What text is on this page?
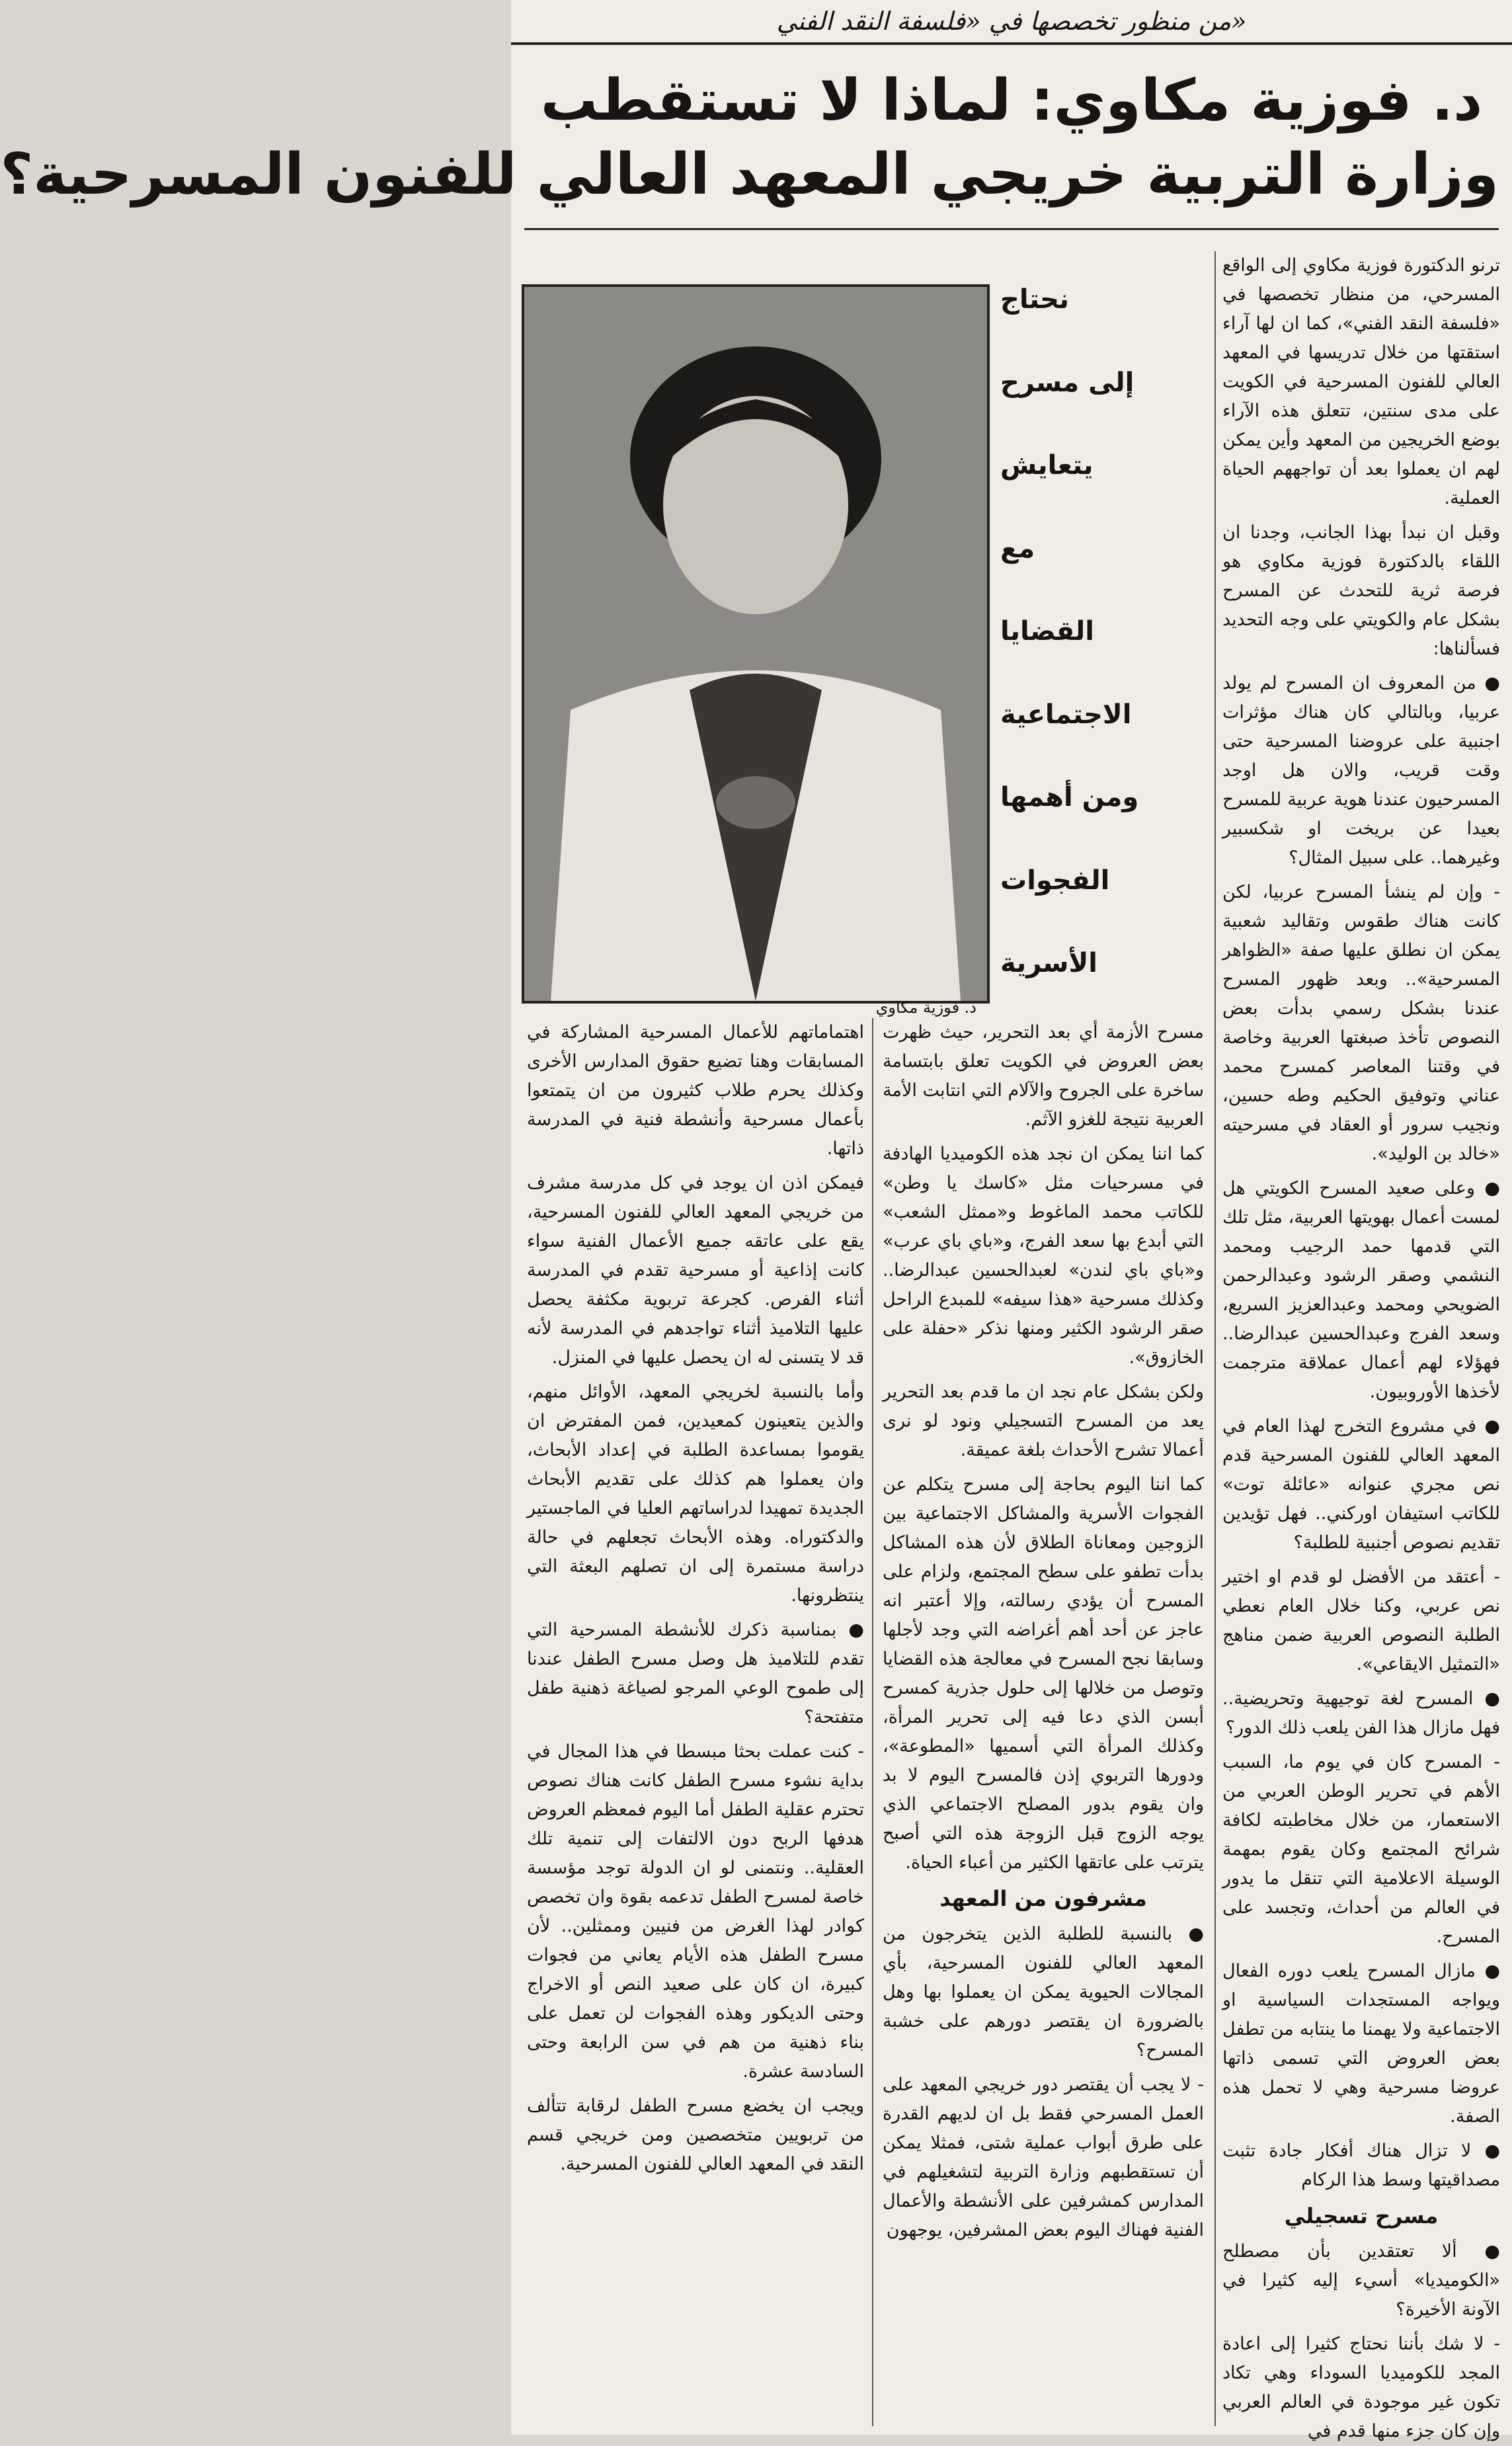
«من منظور تخصصها في «فلسفة النقد الفني
د. فوزية مكاوي: لماذا لا تستقطب
وزارة التربية خريجي المعهد العالي للفنون المسرحية؟
نحتاج
إلى مسرح
يتعايش
مع
القضايا
الاجتماعية
ومن أهمها
الفجوات
الأسرية
د. فوزية مكاوي

ترنو الدكتورة فوزية مكاوي إلى الواقع المسرحي، من منظار تخصصها في «فلسفة النقد الفني»، كما ان لها آراء استقتها من خلال تدريسها في المعهد العالي للفنون المسرحية في الكويت على مدى سنتين، تتعلق هذه الآراء بوضع الخريجين من المعهد وأين يمكن لهم ان يعملوا بعد أن تواجههم الحياة العملية.

وقبل ان نبدأ بهذا الجانب، وجدنا ان اللقاء بالدكتورة فوزية مكاوي هو فرصة ثرية للتحدث عن المسرح بشكل عام والكويتي على وجه التحديد فسألناها:

● من المعروف ان المسرح لم يولد عربيا، وبالتالي كان هناك مؤثرات اجنبية على عروضنا المسرحية حتى وقت قريب، والان هل اوجد المسرحيون عندنا هوية عربية للمسرح بعيدا عن بريخت او شكسبير وغيرهما.. على سبيل المثال؟

- وإن لم ينشأ المسرح عربيا، لكن كانت هناك طقوس وتقاليد شعبية يمكن ان نطلق عليها صفة «الظواهر المسرحية».. وبعد ظهور المسرح عندنا بشكل رسمي بدأت بعض النصوص تأخذ صبغتها العربية وخاصة في وقتنا المعاصر كمسرح محمد عناني وتوفيق الحكيم وطه حسين، ونجيب سرور أو العقاد في مسرحيته «خالد بن الوليد».

● وعلى صعيد المسرح الكويتي هل لمست أعمال بهويتها العربية، مثل تلك التي قدمها حمد الرجيب ومحمد النشمي وصقر الرشود وعبدالرحمن الضويحي ومحمد وعبدالعزيز السريع، وسعد الفرج وعبدالحسين عبدالرضا.. فهؤلاء لهم أعمال عملاقة مترجمت لأخذها الأوروبيون.

● في مشروع التخرج لهذا العام في المعهد العالي للفنون المسرحية قدم نص مجري عنوانه «عائلة توت» للكاتب استيفان اوركني.. فهل تؤيدين تقديم نصوص أجنبية للطلبة؟

- أعتقد من الأفضل لو قدم او اختير نص عربي، وكنا خلال العام نعطي الطلبة النصوص العربية ضمن مناهج «التمثيل الايقاعي».

● المسرح لغة توجيهية وتحريضية.. فهل مازال هذا الفن يلعب ذلك الدور؟

- المسرح كان في يوم ما، السبب الأهم في تحرير الوطن العربي من الاستعمار، من خلال مخاطبته لكافة شرائح المجتمع وكان يقوم بمهمة الوسيلة الاعلامية التي تنقل ما يدور في العالم من أحداث، وتجسد على المسرح.

● مازال المسرح يلعب دوره الفعال ويواجه المستجدات السياسية او الاجتماعية ولا يهمنا ما ينتابه من تطفل بعض العروض التي تسمى ذاتها عروضا مسرحية وهي لا تحمل هذه الصفة.

● لا تزال هناك أفكار جادة تثبت مصداقيتها وسط هذا الركام

مسرح تسجيلي

● ألا تعتقدين بأن مصطلح «الكوميديا» أسيء إليه كثيرا في الآونة الأخيرة؟

- لا شك بأننا نحتاج كثيرا إلى اعادة المجد للكوميديا السوداء وهي تكاد تكون غير موجودة في العالم العربي وإن كان جزء منها قدم في

مسرح الأزمة أي بعد التحرير، حيث ظهرت بعض العروض في الكويت تعلق بابتسامة ساخرة على الجروح والآلام التي انتابت الأمة العربية نتيجة للغزو الآثم.

كما اننا يمكن ان نجد هذه الكوميديا الهادفة في مسرحيات مثل «كاسك يا وطن» للكاتب محمد الماغوط و«ممثل الشعب» التي أبدع بها سعد الفرج، و«باي باي عرب» و«باي باي لندن» لعبدالحسين عبدالرضا.. وكذلك مسرحية «هذا سيفه» للمبدع الراحل صقر الرشود الكثير ومنها نذكر «حفلة على الخازوق».

ولكن بشكل عام نجد ان ما قدم بعد التحرير يعد من المسرح التسجيلي ونود لو نرى أعمالا تشرح الأحداث بلغة عميقة.

كما اننا اليوم بحاجة إلى مسرح يتكلم عن الفجوات الأسرية والمشاكل الاجتماعية بين الزوجين ومعاناة الطلاق لأن هذه المشاكل بدأت تطفو على سطح المجتمع، ولزام على المسرح أن يؤدي رسالته، وإلا أعتبر انه عاجز عن أحد أهم أغراضه التي وجد لأجلها وسابقا نجح المسرح في معالجة هذه القضايا وتوصل من خلالها إلى حلول جذرية كمسرح أبسن الذي دعا فيه إلى تحرير المرأة، وكذلك المرأة التي أسميها «المطوعة»، ودورها التربوي إذن فالمسرح اليوم لا بد وان يقوم بدور المصلح الاجتماعي الذي يوجه الزوج قبل الزوجة هذه التي أصبح يترتب على عاتقها الكثير من أعباء الحياة.

مشرفون من المعهد

● بالنسبة للطلبة الذين يتخرجون من المعهد العالي للفنون المسرحية، بأي المجالات الحيوية يمكن ان يعملوا بها وهل بالضرورة ان يقتصر دورهم على خشبة المسرح؟

- لا يجب أن يقتصر دور خريجي المعهد على العمل المسرحي فقط بل ان لديهم القدرة على طرق أبواب عملية شتى، فمثلا يمكن أن تستقطبهم وزارة التربية لتشغيلهم في المدارس كمشرفين على الأنشطة والأعمال الفنية فهناك اليوم بعض المشرفين، يوجهون

اهتماماتهم للأعمال المسرحية المشاركة في المسابقات وهنا تضيع حقوق المدارس الأخرى وكذلك يحرم طلاب كثيرون من ان يتمتعوا بأعمال مسرحية وأنشطة فنية في المدرسة ذاتها.

فيمكن اذن ان يوجد في كل مدرسة مشرف من خريجي المعهد العالي للفنون المسرحية، يقع على عاتقه جميع الأعمال الفنية سواء كانت إذاعية أو مسرحية تقدم في المدرسة أثناء الفرص. كجرعة تربوية مكثفة يحصل عليها التلاميذ أثناء تواجدهم في المدرسة لأنه قد لا يتسنى له ان يحصل عليها في المنزل.

وأما بالنسبة لخريجي المعهد، الأوائل منهم، والذين يتعينون كمعيدين، فمن المفترض ان يقوموا بمساعدة الطلبة في إعداد الأبحاث، وان يعملوا هم كذلك على تقديم الأبحاث الجديدة تمهيدا لدراساتهم العليا في الماجستير والدكتوراه. وهذه الأبحاث تجعلهم في حالة دراسة مستمرة إلى ان تصلهم البعثة التي ينتظرونها.

● بمناسبة ذكرك للأنشطة المسرحية التي تقدم للتلاميذ هل وصل مسرح الطفل عندنا إلى طموح الوعي المرجو لصياغة ذهنية طفل متفتحة؟

- كنت عملت بحثا مبسطا في هذا المجال في بداية نشوء مسرح الطفل كانت هناك نصوص تحترم عقلية الطفل أما اليوم فمعظم العروض هدفها الربح دون الالتفات إلى تنمية تلك العقلية.. ونتمنى لو ان الدولة توجد مؤسسة خاصة لمسرح الطفل تدعمه بقوة وان تخصص كوادر لهذا الغرض من فنيين وممثلين.. لأن مسرح الطفل هذه الأيام يعاني من فجوات كبيرة، ان كان على صعيد النص أو الاخراج وحتى الديكور وهذه الفجوات لن تعمل على بناء ذهنية من هم في سن الرابعة وحتى السادسة عشرة.

ويجب ان يخضع مسرح الطفل لرقابة تتألف من تربويين متخصصين ومن خريجي قسم النقد في المعهد العالي للفنون المسرحية.
